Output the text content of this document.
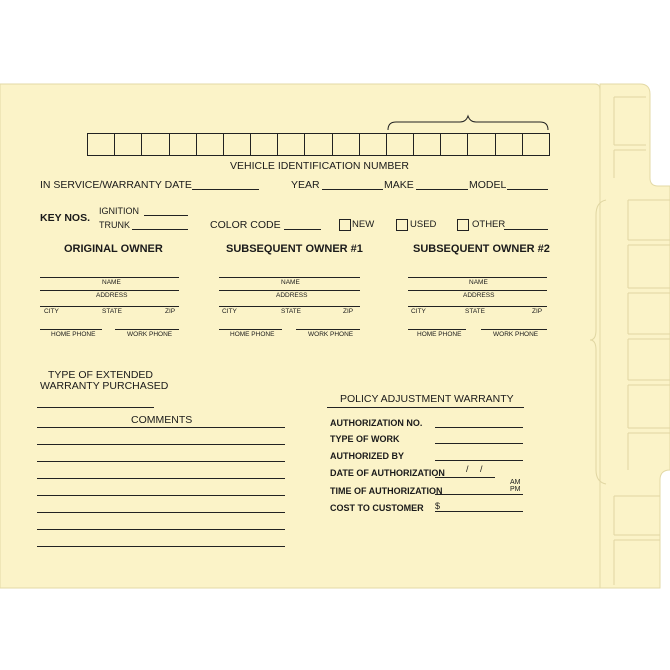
VEHICLE IDENTIFICATION NUMBER
IN SERVICE/WARRANTY DATE	YEAR	MAKE	MODEL
KEY NOS.
IGNITION
TRUNK	COLOR CODE	NEW	USED	OTHER
ORIGINAL OWNER
NAME
ADDRESS
CITY	STATE	ZIP
HOME PHONE	WORK PHONE
SUBSEQUENT OWNER #1
NAME
ADDRESS
CITY	STATE	ZIP
HOME PHONE	WORK PHONE
SUBSEQUENT OWNER #2
NAME
ADDRESS
CITY	STATE	ZIP
HOME PHONE	WORK PHONE
TYPE OF EXTENDED
WARRANTY PURCHASED
COMMENTS
POLICY ADJUSTMENT WARRANTY
AUTHORIZATION NO.
TYPE OF WORK
AUTHORIZED BY
DATE OF AUTHORIZATION / /
TIME OF AUTHORIZATION
AM
PM
COST TO CUSTOMER $
